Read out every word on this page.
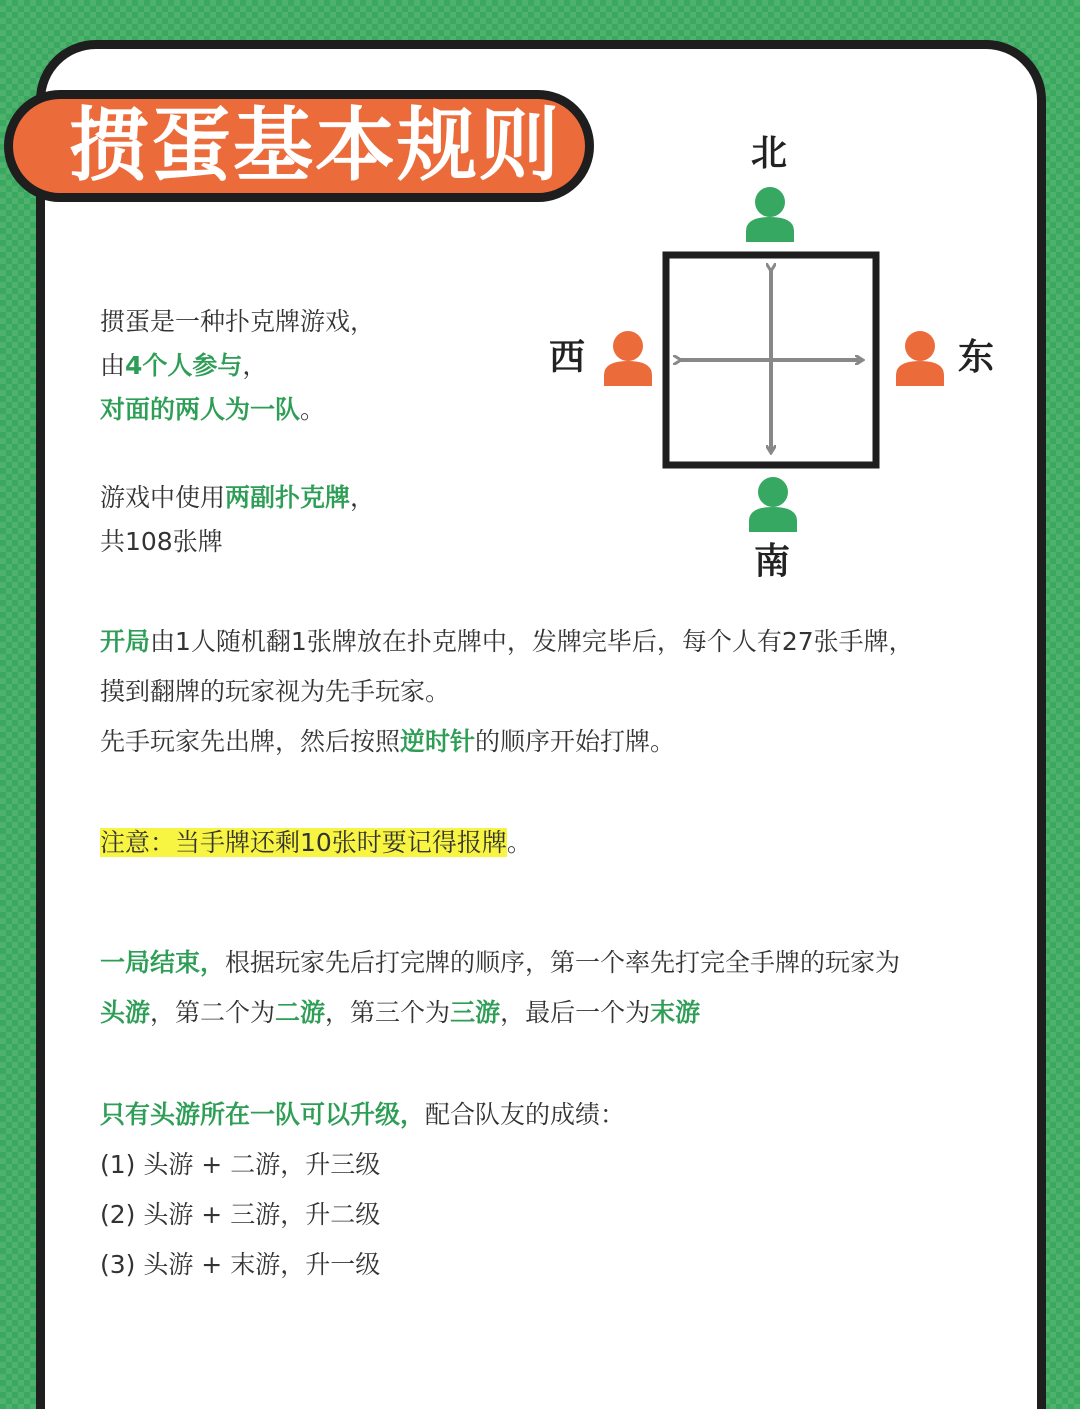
掼蛋基本规则	北
南
西	东
掼蛋是一种扑克牌游戏，
由4个人参与，
对面的两人为一队。
游戏中使用两副扑克牌，
共108张牌
开局由1人随机翻1张牌放在扑克牌中，发牌完毕后，每个人有27张手牌，
摸到翻牌的玩家视为先手玩家。
先手玩家先出牌，然后按照逆时针的顺序开始打牌。
注意：当手牌还剩10张时要记得报牌。
一局结束，根据玩家先后打完牌的顺序，第一个率先打完全手牌的玩家为
头游，第二个为二游，第三个为三游，最后一个为末游
只有头游所在一队可以升级，配合队友的成绩：
(1) 头游 + 二游，升三级
(2) 头游 + 三游，升二级
(3) 头游 + 末游，升一级
